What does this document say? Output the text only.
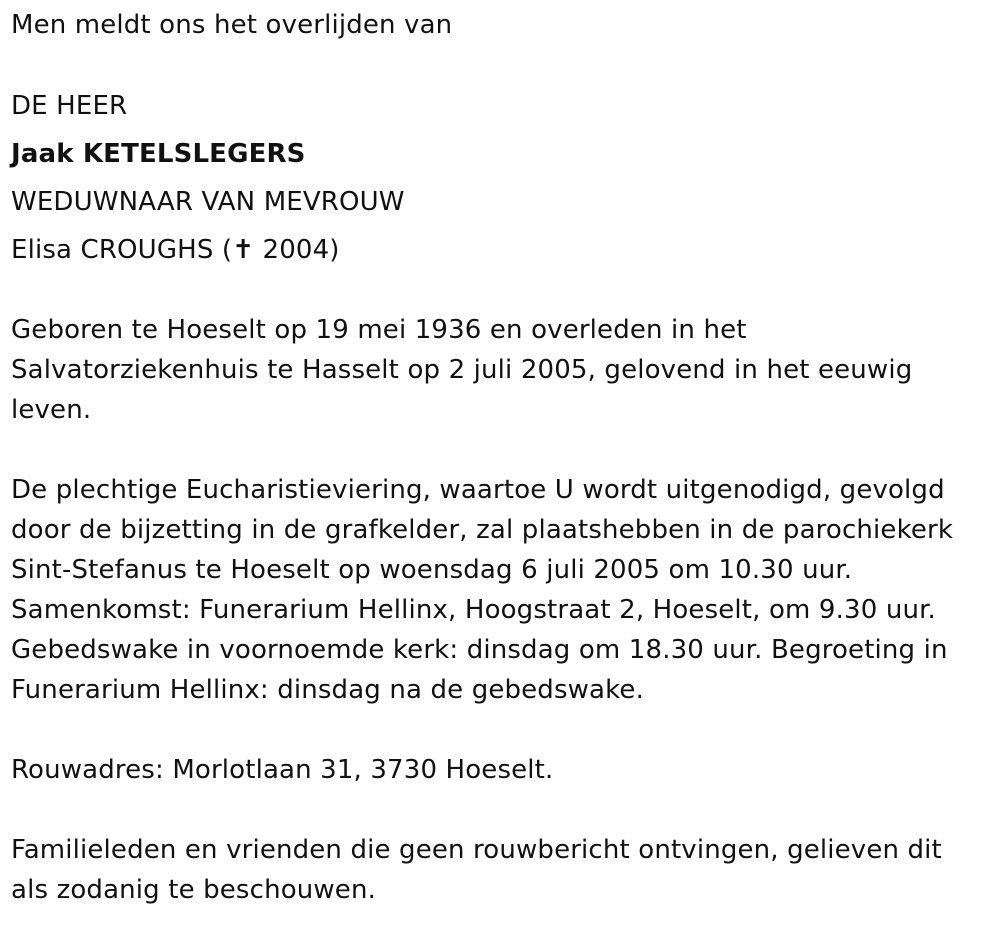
Men meldt ons het overlijden van
DE HEER
Jaak KETELSLEGERS
WEDUWNAAR VAN MEVROUW
Elisa CROUGHS (✝ 2004)
Geboren te Hoeselt op 19 mei 1936 en overleden in het
Salvatorziekenhuis te Hasselt op 2 juli 2005, gelovend in het eeuwig
leven.
De plechtige Eucharistieviering, waartoe U wordt uitgenodigd, gevolgd
door de bijzetting in de grafkelder, zal plaatshebben in de parochiekerk
Sint-Stefanus te Hoeselt op woensdag 6 juli 2005 om 10.30 uur.
Samenkomst: Funerarium Hellinx, Hoogstraat 2, Hoeselt, om 9.30 uur.
Gebedswake in voornoemde kerk: dinsdag om 18.30 uur. Begroeting in
Funerarium Hellinx: dinsdag na de gebedswake.
Rouwadres: Morlotlaan 31, 3730 Hoeselt.
Familieleden en vrienden die geen rouwbericht ontvingen, gelieven dit
als zodanig te beschouwen.
